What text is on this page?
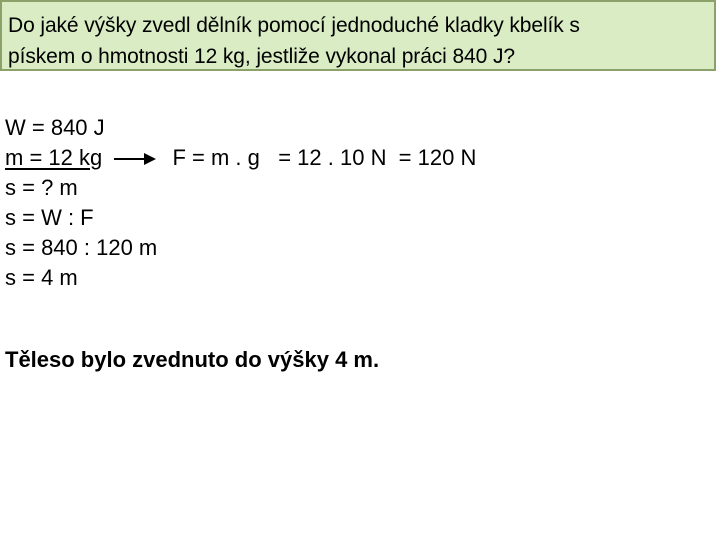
Do jaké výšky zvedl dělník pomocí jednoduché kladky kbelík s
pískem o hmotnosti 12 kg, jestliže vykonal práci 840 J?
W = 840 J
m = 12 kg	F = m . g   = 12 . 10 N  = 120 N
s = ? m
s = W : F
s = 840 : 120 m
s = 4 m
Těleso bylo zvednuto do výšky 4 m.
